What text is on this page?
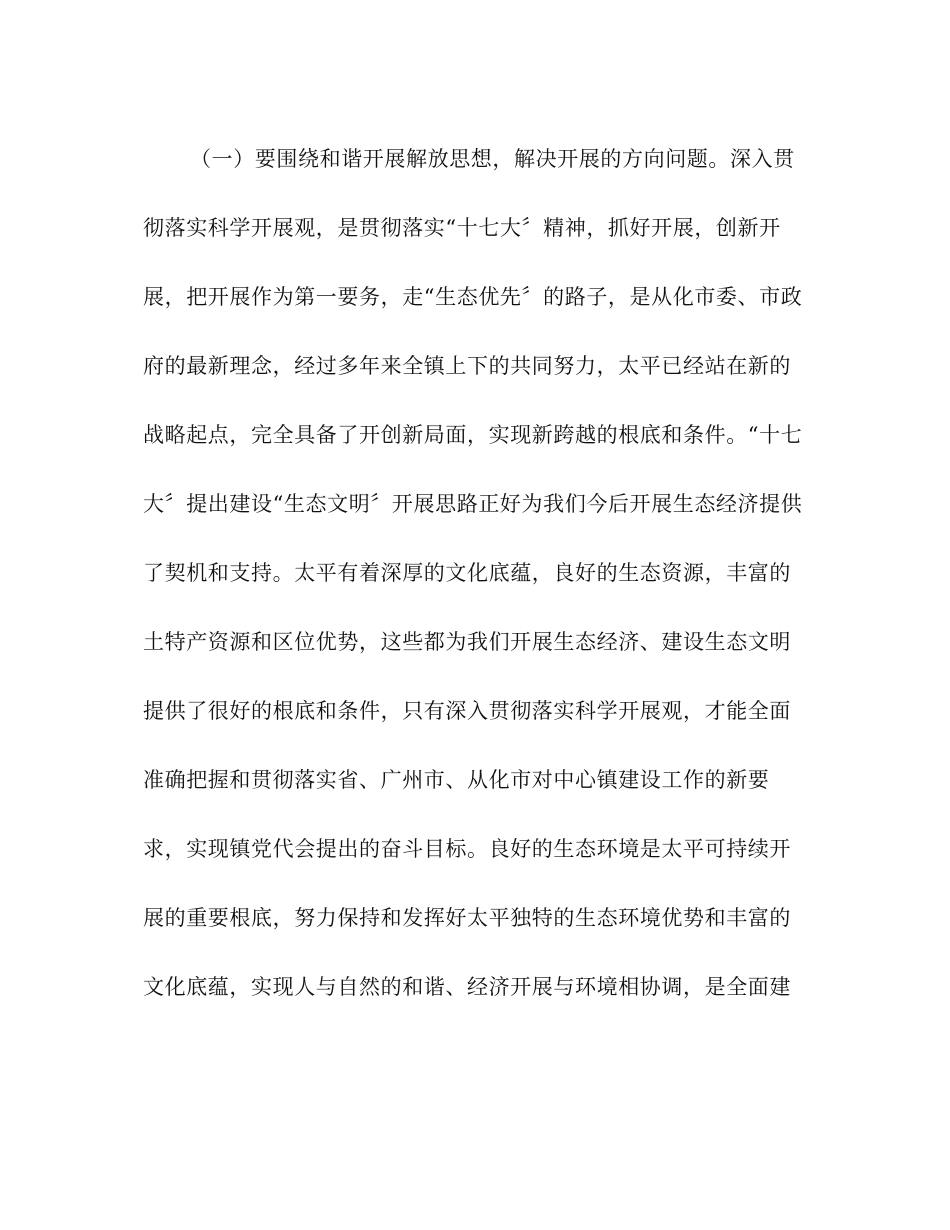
（一）要围绕和谐开展解放思想，解决开展的方向问题。深入贯
彻落实科学开展观，是贯彻落实“十七大〞精神，抓好开展，创新开
展，把开展作为第一要务，走“生态优先〞的路子，是从化市委、市政
府的最新理念，经过多年来全镇上下的共同努力，太平已经站在新的
战略起点，完全具备了开创新局面，实现新跨越的根底和条件。“十七
大〞提出建设“生态文明〞开展思路正好为我们今后开展生态经济提供
了契机和支持。太平有着深厚的文化底蕴，良好的生态资源，丰富的
土特产资源和区位优势，这些都为我们开展生态经济、建设生态文明
提供了很好的根底和条件，只有深入贯彻落实科学开展观，才能全面
准确把握和贯彻落实省、广州市、从化市对中心镇建设工作的新要
求，实现镇党代会提出的奋斗目标。良好的生态环境是太平可持续开
展的重要根底，努力保持和发挥好太平独特的生态环境优势和丰富的
文化底蕴，实现人与自然的和谐、经济开展与环境相协调，是全面建
